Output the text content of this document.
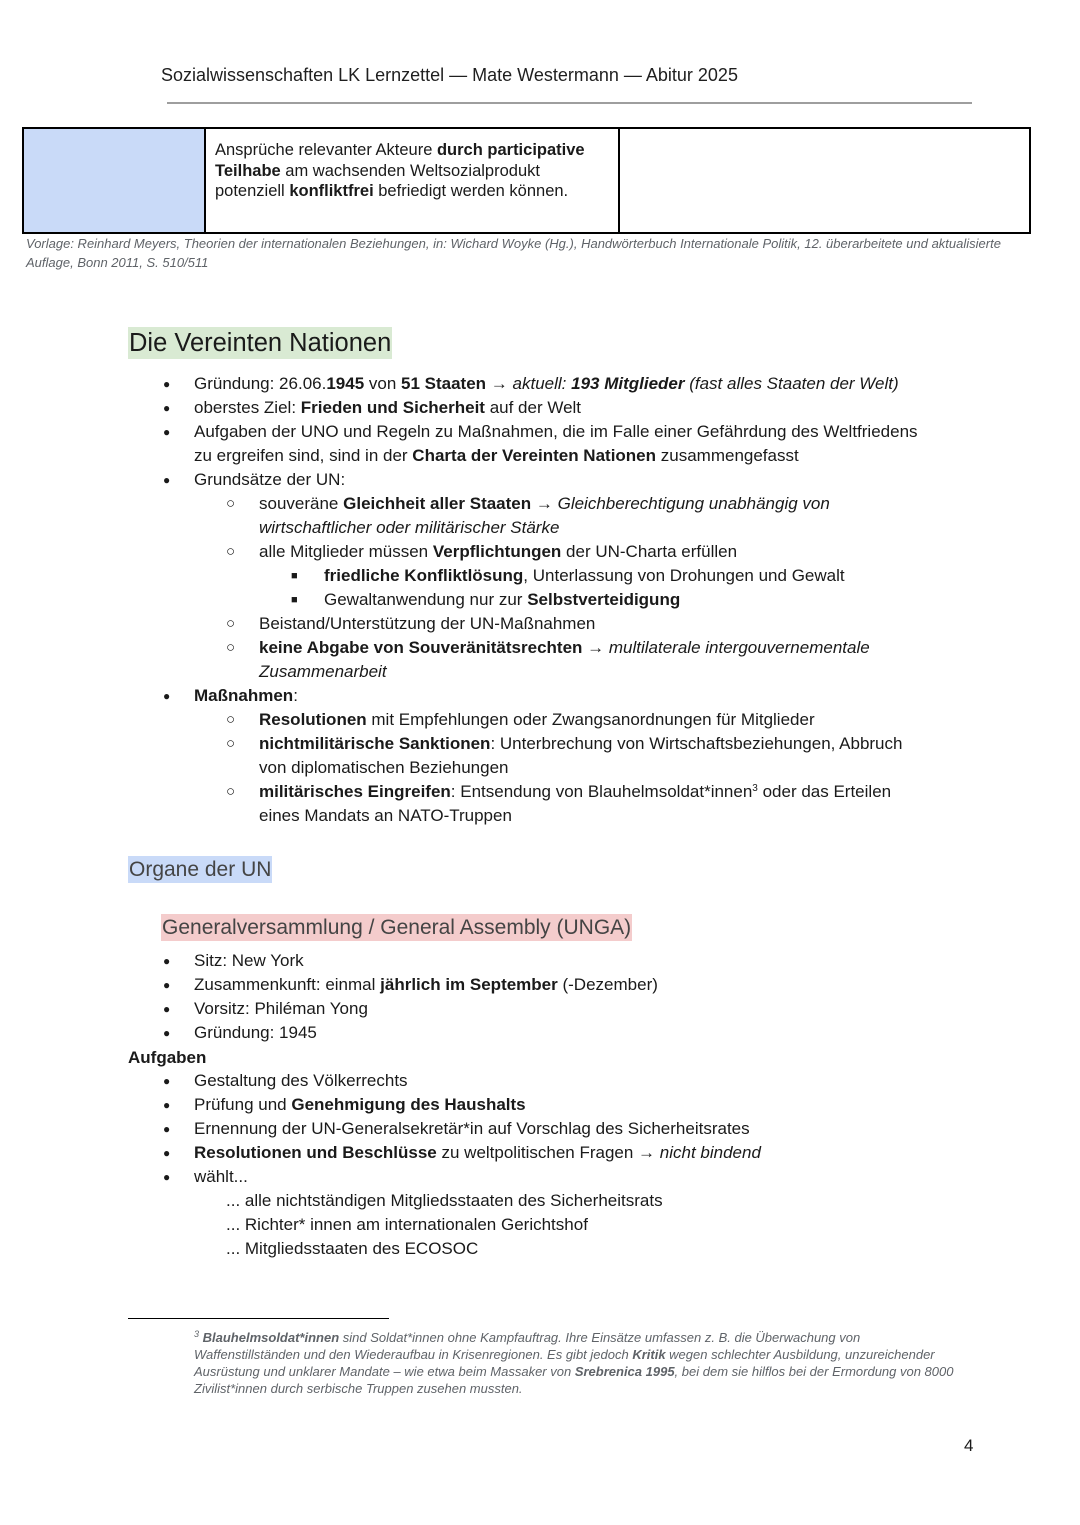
Sozialwissenschaften LK Lernzettel — Mate Westermann — Abitur 2025

Ansprüche relevanter Akteure durch participative Teilhabe am wachsenden Weltsozialprodukt potenziell konfliktfrei befriedigt werden können.

Vorlage: Reinhard Meyers, Theorien der internationalen Beziehungen, in: Wichard Woyke (Hg.), Handwörterbuch Internationale Politik, 12. überarbeitete und aktualisierte Auflage, Bonn 2011, S. 510/511
Die Vereinten Nationen
● Gründung: 26.06.1945 von 51 Staaten → aktuell: 193 Mitglieder (fast alles Staaten der Welt)
● oberstes Ziel: Frieden und Sicherheit auf der Welt
● Aufgaben der UNO und Regeln zu Maßnahmen, die im Falle einer Gefährdung des Weltfriedens
zu ergreifen sind, sind in der Charta der Vereinten Nationen zusammengefasst
● Grundsätze der UN:
○ souveräne Gleichheit aller Staaten → Gleichberechtigung unabhängig von
wirtschaftlicher oder militärischer Stärke
○ alle Mitglieder müssen Verpflichtungen der UN-Charta erfüllen
■ friedliche Konfliktlösung, Unterlassung von Drohungen und Gewalt
■ Gewaltanwendung nur zur Selbstverteidigung
○ Beistand/Unterstützung der UN-Maßnahmen
○ keine Abgabe von Souveränitätsrechten → multilaterale intergouvernementale
Zusammenarbeit
● Maßnahmen:
○ Resolutionen mit Empfehlungen oder Zwangsanordnungen für Mitglieder
○ nichtmilitärische Sanktionen: Unterbrechung von Wirtschaftsbeziehungen, Abbruch
von diplomatischen Beziehungen
○ militärisches Eingreifen: Entsendung von Blauhelmsoldat*innen$^3$ oder das Erteilen
eines Mandats an NATO-Truppen
Organe der UN
Generalversammlung / General Assembly (UNGA)
● Sitz: New York
● Zusammenkunft: einmal jährlich im September (-Dezember)
● Vorsitz: Philéman Yong
● Gründung: 1945
Aufgaben
● Gestaltung des Völkerrechts
● Prüfung und Genehmigung des Haushalts
● Ernennung der UN-Generalsekretär*in auf Vorschlag des Sicherheitsrates
● Resolutionen und Beschlüsse zu weltpolitischen Fragen → nicht bindend
● wählt...
... alle nichtständigen Mitgliedsstaaten des Sicherheitsrats
... Richter* innen am internationalen Gerichtshof
... Mitgliedsstaaten des ECOSOC
$^3$ Blauhelmsoldat*innen sind Soldat*innen ohne Kampfauftrag. Ihre Einsätze umfassen z. B. die Überwachung von Waffenstillständen und den Wiederaufbau in Krisenregionen. Es gibt jedoch Kritik wegen schlechter Ausbildung, unzureichender Ausrüstung und unklarer Mandate – wie etwa beim Massaker von Srebrenica 1995, bei dem sie hilflos bei der Ermordung von 8000 Zivilist*innen durch serbische Truppen zusehen mussten.
4
